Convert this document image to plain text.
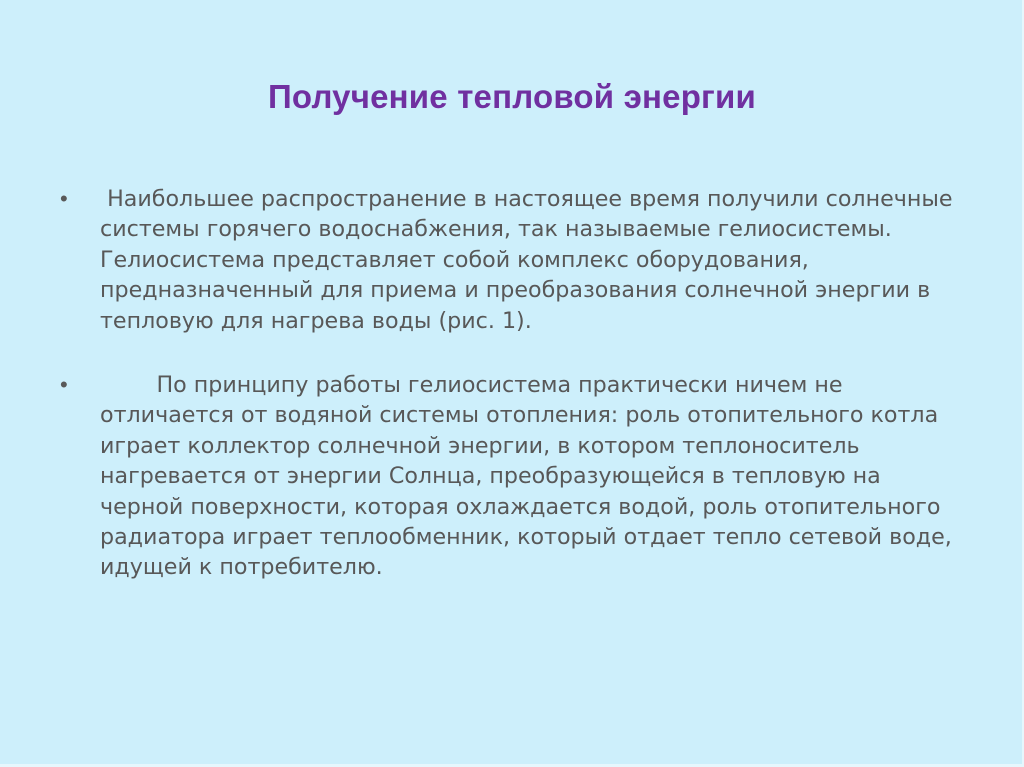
Получение тепловой энергии
•	Наибольшее распространение в настоящее время получили солнечные системы горячего водоснабжения, так называемые гелиосистемы. Гелиосистема представляет собой комплекс оборудования, предназначенный для приема и преобразования солнечной энергии в тепловую для нагрева воды (рис. 1).
•	По принципу работы гелиосистема практически ничем не отличается от водяной системы отопления: роль отопительного котла играет коллектор солнечной энергии, в котором теплоноситель нагревается от энергии Солнца, преобразующейся в тепловую на черной поверхности, которая охлаждается водой, роль отопительного радиатора играет теплообменник, который отдает тепло сетевой воде, идущей к потребителю.
